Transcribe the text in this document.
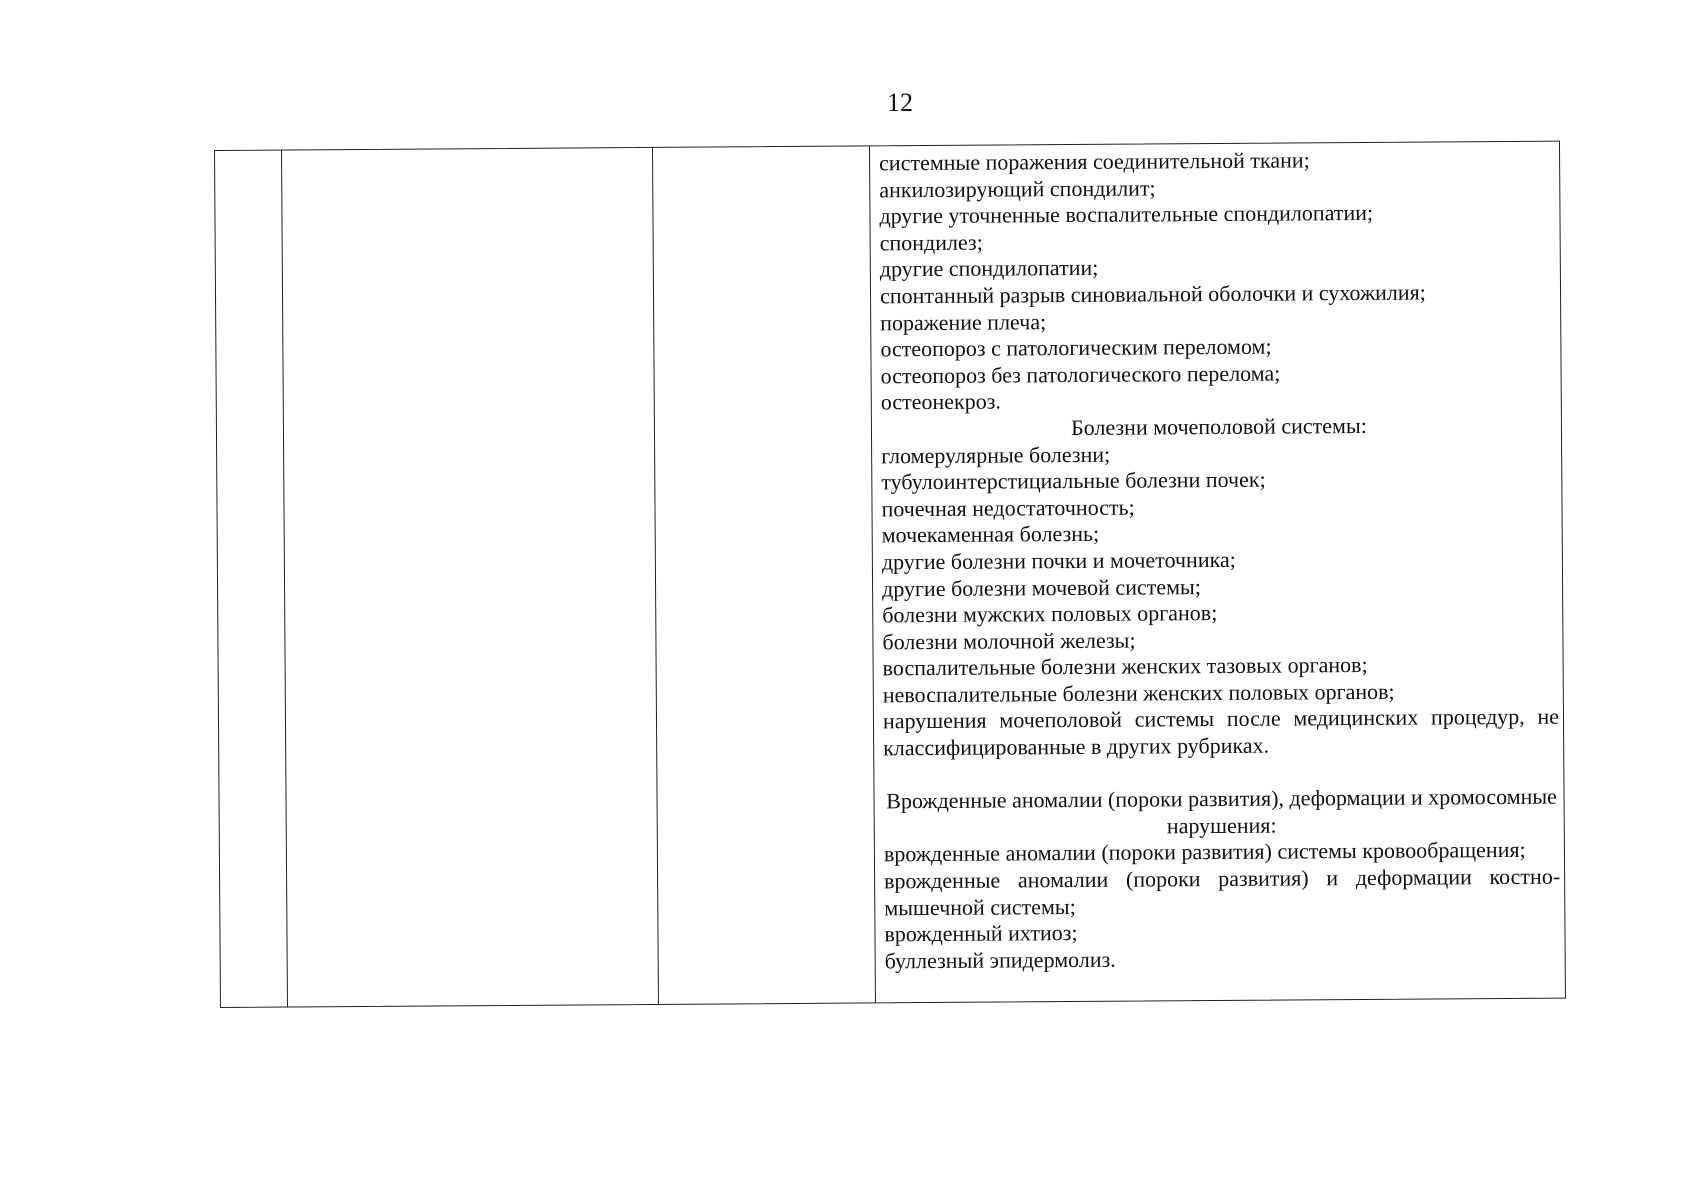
12
системные поражения соединительной ткани;
анкилозирующий спондилит;
другие уточненные воспалительные спондилопатии;
спондилез;
другие спондилопатии;
спонтанный разрыв синовиальной оболочки и сухожилия;
поражение плеча;
остеопороз с патологическим переломом;
остеопороз без патологического перелома;
остеонекроз.
Болезни мочеполовой системы:
гломерулярные болезни;
тубулоинтерстициальные болезни почек;
почечная недостаточность;
мочекаменная болезнь;
другие болезни почки и мочеточника;
другие болезни мочевой системы;
болезни мужских половых органов;
болезни молочной железы;
воспалительные болезни женских тазовых органов;
невоспалительные болезни женских половых органов;
нарушения мочеполовой системы после медицинских процедур, не классифицированные в других рубриках.
Врожденные аномалии (пороки развития), деформации и хромосомные нарушения:
врожденные аномалии (пороки развития) системы кровообращения;
врожденные аномалии (пороки развития) и деформации костно-мышечной системы;
врожденный ихтиоз;
буллезный эпидермолиз.
